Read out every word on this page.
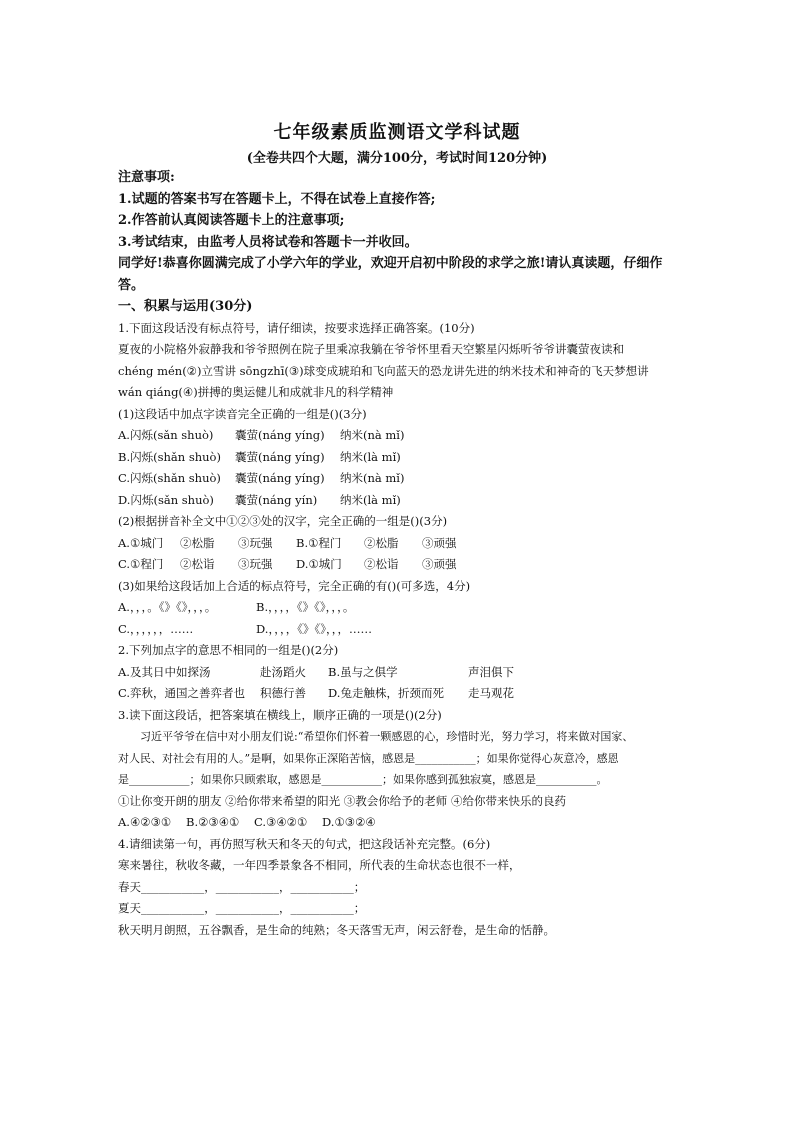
七年级素质监测语文学科试题
(全卷共四个大题，满分100分，考试时间120分钟)
注意事项:
1.试题的答案书写在答题卡上，不得在试卷上直接作答;
2.作答前认真阅读答题卡上的注意事项;
3.考试结束，由监考人员将试卷和答题卡一并收回。
同学好!恭喜你圆满完成了小学六年的学业，欢迎开启初中阶段的求学之旅!请认真读题，仔细作答。
一、积累与运用(30分)
1.下面这段话没有标点符号，请仔细读，按要求选择正确答案。(10分)
夏夜的小院格外寂静我和爷爷照例在院子里乘凉我躺在爷爷怀里看天空繁星闪烁听爷爷讲囊萤夜读和
chéng mén(②)立雪讲 sōngzhī(③)球变成琥珀和飞向蓝天的恐龙讲先进的纳米技术和神奇的飞天梦想讲
wán qiáng(④)拼搏的奥运健儿和成就非凡的科学精神
(1)这段话中加点字读音完全正确的一组是()(3分)
A.闪烁(sǎn shuò)	囊萤(náng yíng)	纳米(nà mǐ)
B.闪烁(shǎn shuò)	囊萤(náng yíng)	纳米(là mǐ)
C.闪烁(shǎn shuò)	囊萤(náng yíng)	纳米(nà mǐ)
D.闪烁(sǎn shuò)	囊萤(náng yín)	纳米(là mǐ)
(2)根据拼音补全文中①②③处的汉字，完全正确的一组是()(3分)
A.①城门	②松脂	③玩强	B.①程门	②松脂	③顽强
C.①程门	②松诣	③玩强	D.①城门	②松诣	③顽强
(3)如果给这段话加上合适的标点符号，完全正确的有()(可多选，4分)
A.，，，。《》《》，，，。	B.，，，，《》《》，，，。
C.，，，，，，……	D.，，，，《》《》，，，……
2.下列加点字的意思不相同的一组是()(2分)
A.及其日中如探汤	赴汤蹈火	B.虽与之俱学	声泪俱下
C.弈秋，通国之善弈者也	积德行善	D.兔走触株，折颈而死	走马观花
3.读下面这段话，把答案填在横线上，顺序正确的一项是()(2分)
习近平爷爷在信中对小朋友们说:“希望你们怀着一颗感恩的心，珍惜时光，努力学习，将来做对国家、
对人民、对社会有用的人。”是啊，如果你正深陷苦恼，感恩是___________；如果你觉得心灰意冷，感恩
是___________；如果你只顾索取，感恩是___________；如果你感到孤独寂寞，感恩是___________。
①让你变开朗的朋友 ②给你带来希望的阳光 ③教会你给予的老师 ④给你带来快乐的良药
A.④②③①	B.②③④①	C.③④②①	D.①③②④
4.请细读第一句，再仿照写秋天和冬天的句式，把这段话补充完整。(6分)
寒来暑往，秋收冬藏，一年四季景象各不相同，所代表的生命状态也很不一样，
春天___________，___________，___________；
夏天___________，___________，___________；
秋天明月朗照，五谷飘香，是生命的纯熟；冬天落雪无声，闲云舒卷，是生命的恬静。
